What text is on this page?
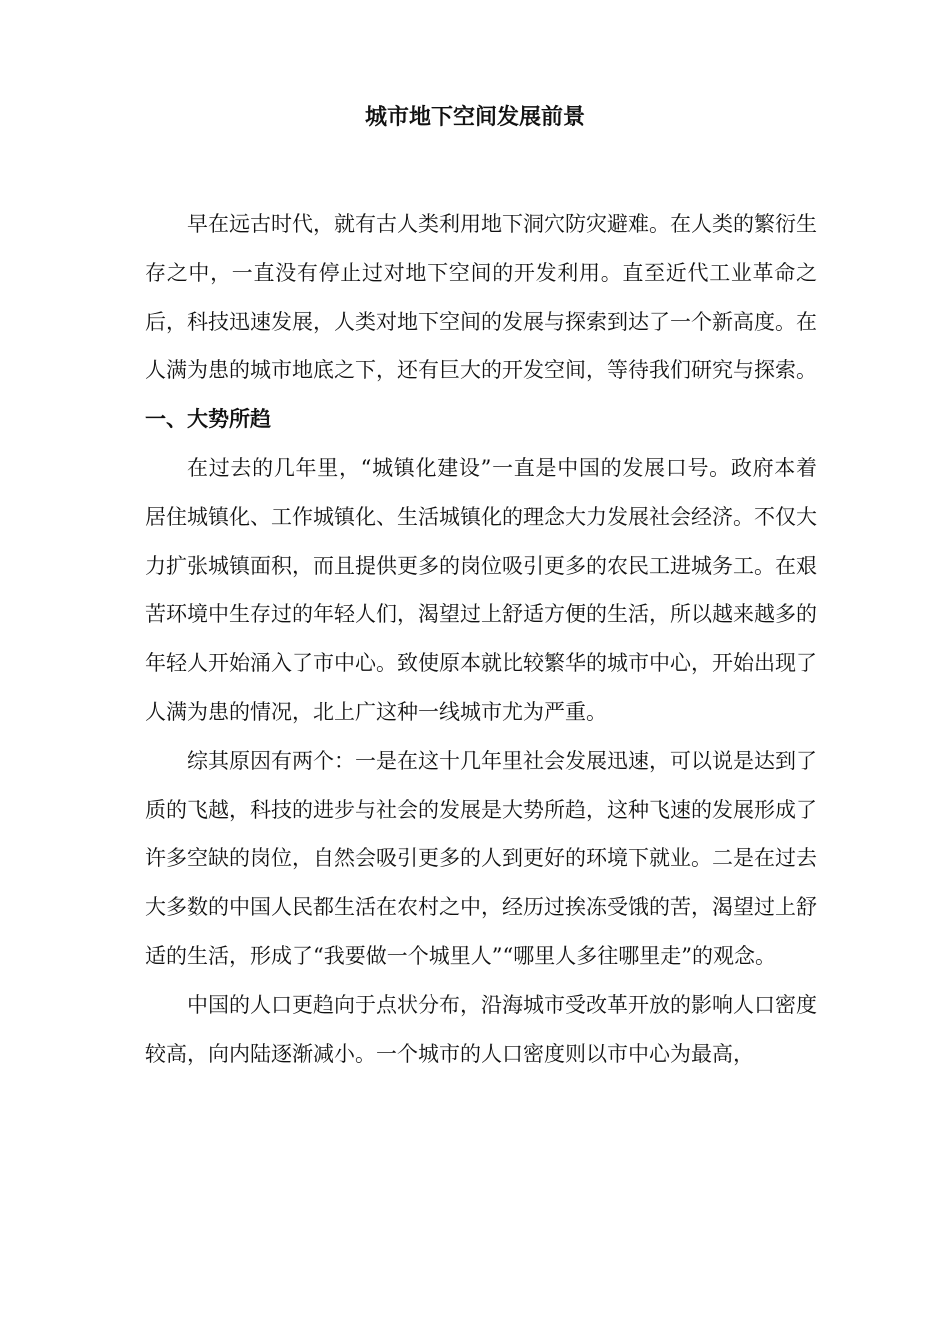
城市地下空间发展前景

早在远古时代，就有古人类利用地下洞穴防灾避难。在人类的繁衍生存之中，一直没有停止过对地下空间的开发利用。直至近代工业革命之后，科技迅速发展，人类对地下空间的发展与探索到达了一个新高度。在人满为患的城市地底之下，还有巨大的开发空间，等待我们研究与探索。

一、大势所趋

在过去的几年里，“城镇化建设”一直是中国的发展口号。政府本着居住城镇化、工作城镇化、生活城镇化的理念大力发展社会经济。不仅大力扩张城镇面积，而且提供更多的岗位吸引更多的农民工进城务工。在艰苦环境中生存过的年轻人们，渴望过上舒适方便的生活，所以越来越多的年轻人开始涌入了市中心。致使原本就比较繁华的城市中心，开始出现了人满为患的情况，北上广这种一线城市尤为严重。

综其原因有两个：一是在这十几年里社会发展迅速，可以说是达到了质的飞越，科技的进步与社会的发展是大势所趋，这种飞速的发展形成了许多空缺的岗位，自然会吸引更多的人到更好的环境下就业。二是在过去大多数的中国人民都生活在农村之中，经历过挨冻受饿的苦，渴望过上舒适的生活，形成了“我要做一个城里人”“哪里人多往哪里走”的观念。

中国的人口更趋向于点状分布，沿海城市受改革开放的影响人口密度较高，向内陆逐渐减小。一个城市的人口密度则以市中心为最高，
